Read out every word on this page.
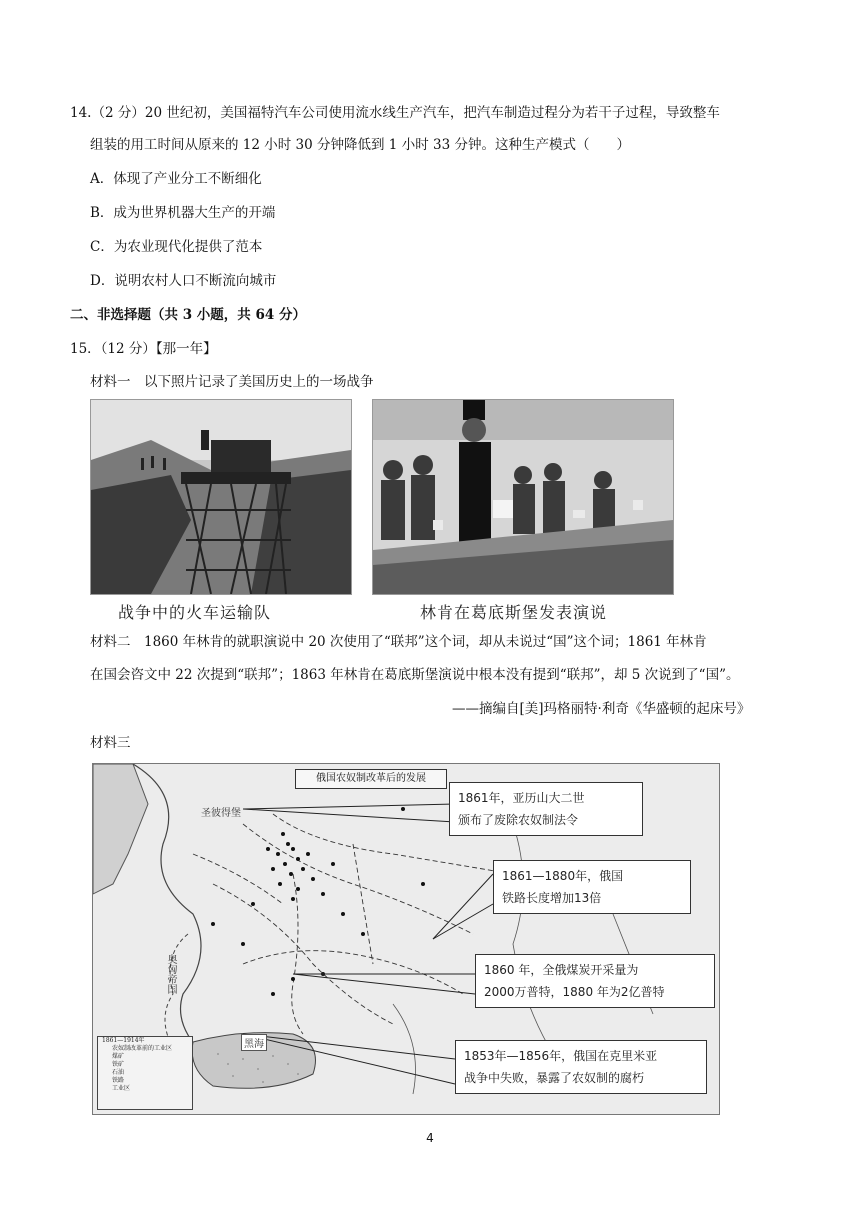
14.（2 分）20 世纪初，美国福特汽车公司使用流水线生产汽车，把汽车制造过程分为若干子过程，导致整车
组装的用工时间从原来的 12 小时 30 分钟降低到 1 小时 33 分钟。这种生产模式（　　）
A．体现了产业分工不断细化
B．成为世界机器大生产的开端
C．为农业现代化提供了范本
D．说明农村人口不断流向城市
二、非选择题（共 3 小题，共 64 分）
15．（12 分）【那一年】
材料一　以下照片记录了美国历史上的一场战争
战争中的火车运输队	林肯在葛底斯堡发表演说
材料二　1860 年林肯的就职演说中 20 次使用了“联邦”这个词，却从未说过“国”这个词；1861 年林肯
在国会咨文中 22 次提到“联邦”；1863 年林肯在葛底斯堡演说中根本没有提到“联邦”，却 5 次说到了“国”。
——摘编自[美]玛格丽特·利奇《华盛顿的起床号》
材料三
俄国农奴制改革后的发展
圣彼得堡
奥匈帝国
黑海
1861年，亚历山大二世
颁布了废除农奴制法令
1861—1880年，俄国
铁路长度增加13倍
1860 年，全俄煤炭开采量为
2000万普特，1880 年为2亿普特
1853年—1856年，俄国在克里米亚
战争中失败，暴露了农奴制的腐朽
1861—1914年
农奴制改革前的工业区
煤矿
铁矿
石油
铁路
工业区
4
